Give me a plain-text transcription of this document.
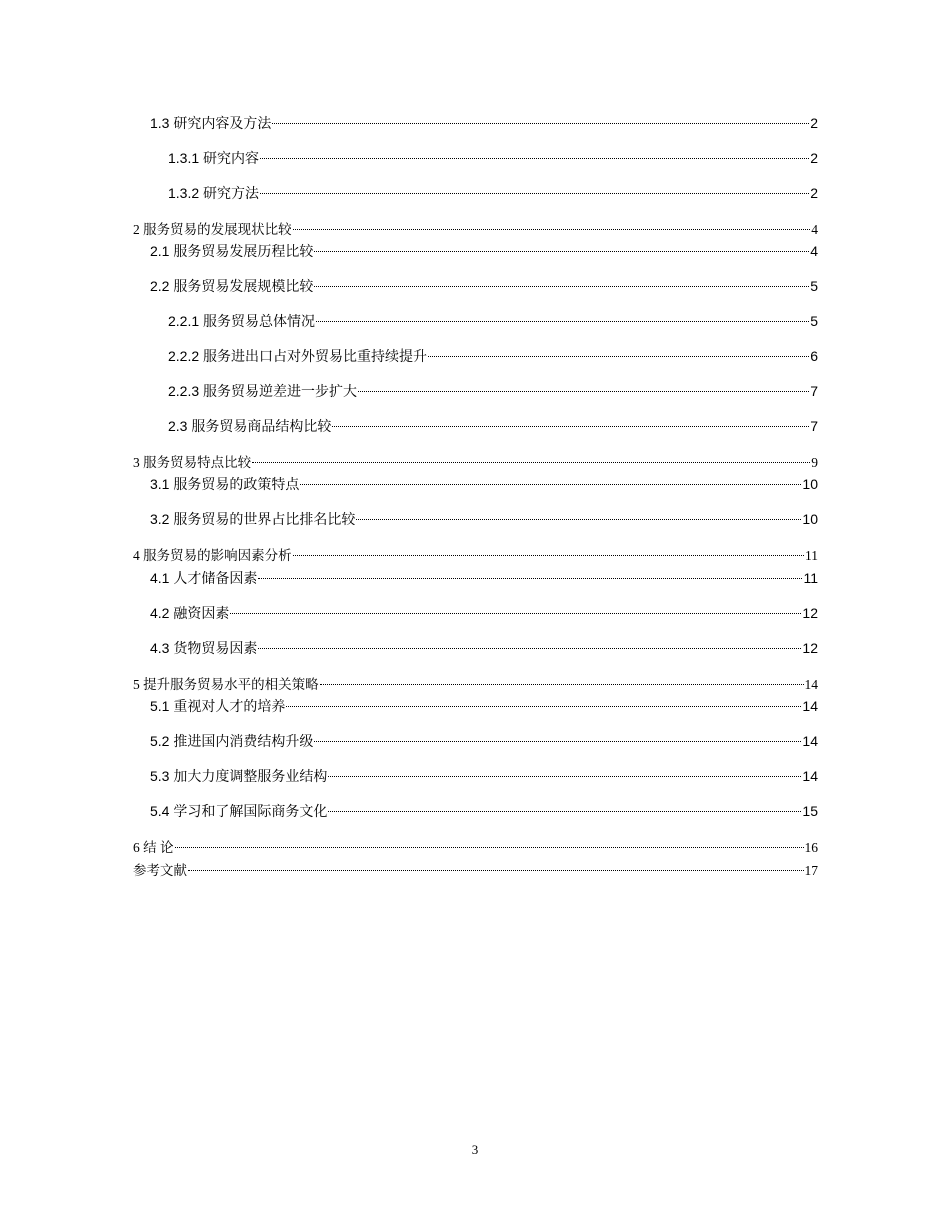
1.3 研究内容及方法	2
1.3.1 研究内容	2
1.3.2 研究方法	2
2 服务贸易的发展现状比较	4
2.1 服务贸易发展历程比较	4
2.2 服务贸易发展规模比较	5
2.2.1 服务贸易总体情况	5
2.2.2 服务进出口占对外贸易比重持续提升	6
2.2.3 服务贸易逆差进一步扩大	7
2.3 服务贸易商品结构比较	7
3 服务贸易特点比较	9
3.1 服务贸易的政策特点	10
3.2 服务贸易的世界占比排名比较	10
4 服务贸易的影响因素分析	11
4.1 人才储备因素	11
4.2 融资因素	12
4.3 货物贸易因素	12
5 提升服务贸易水平的相关策略	14
5.1 重视对人才的培养	14
5.2 推进国内消费结构升级	14
5.3 加大力度调整服务业结构	14
5.4 学习和了解国际商务文化	15
6 结 论	16
参考文献	17
3
